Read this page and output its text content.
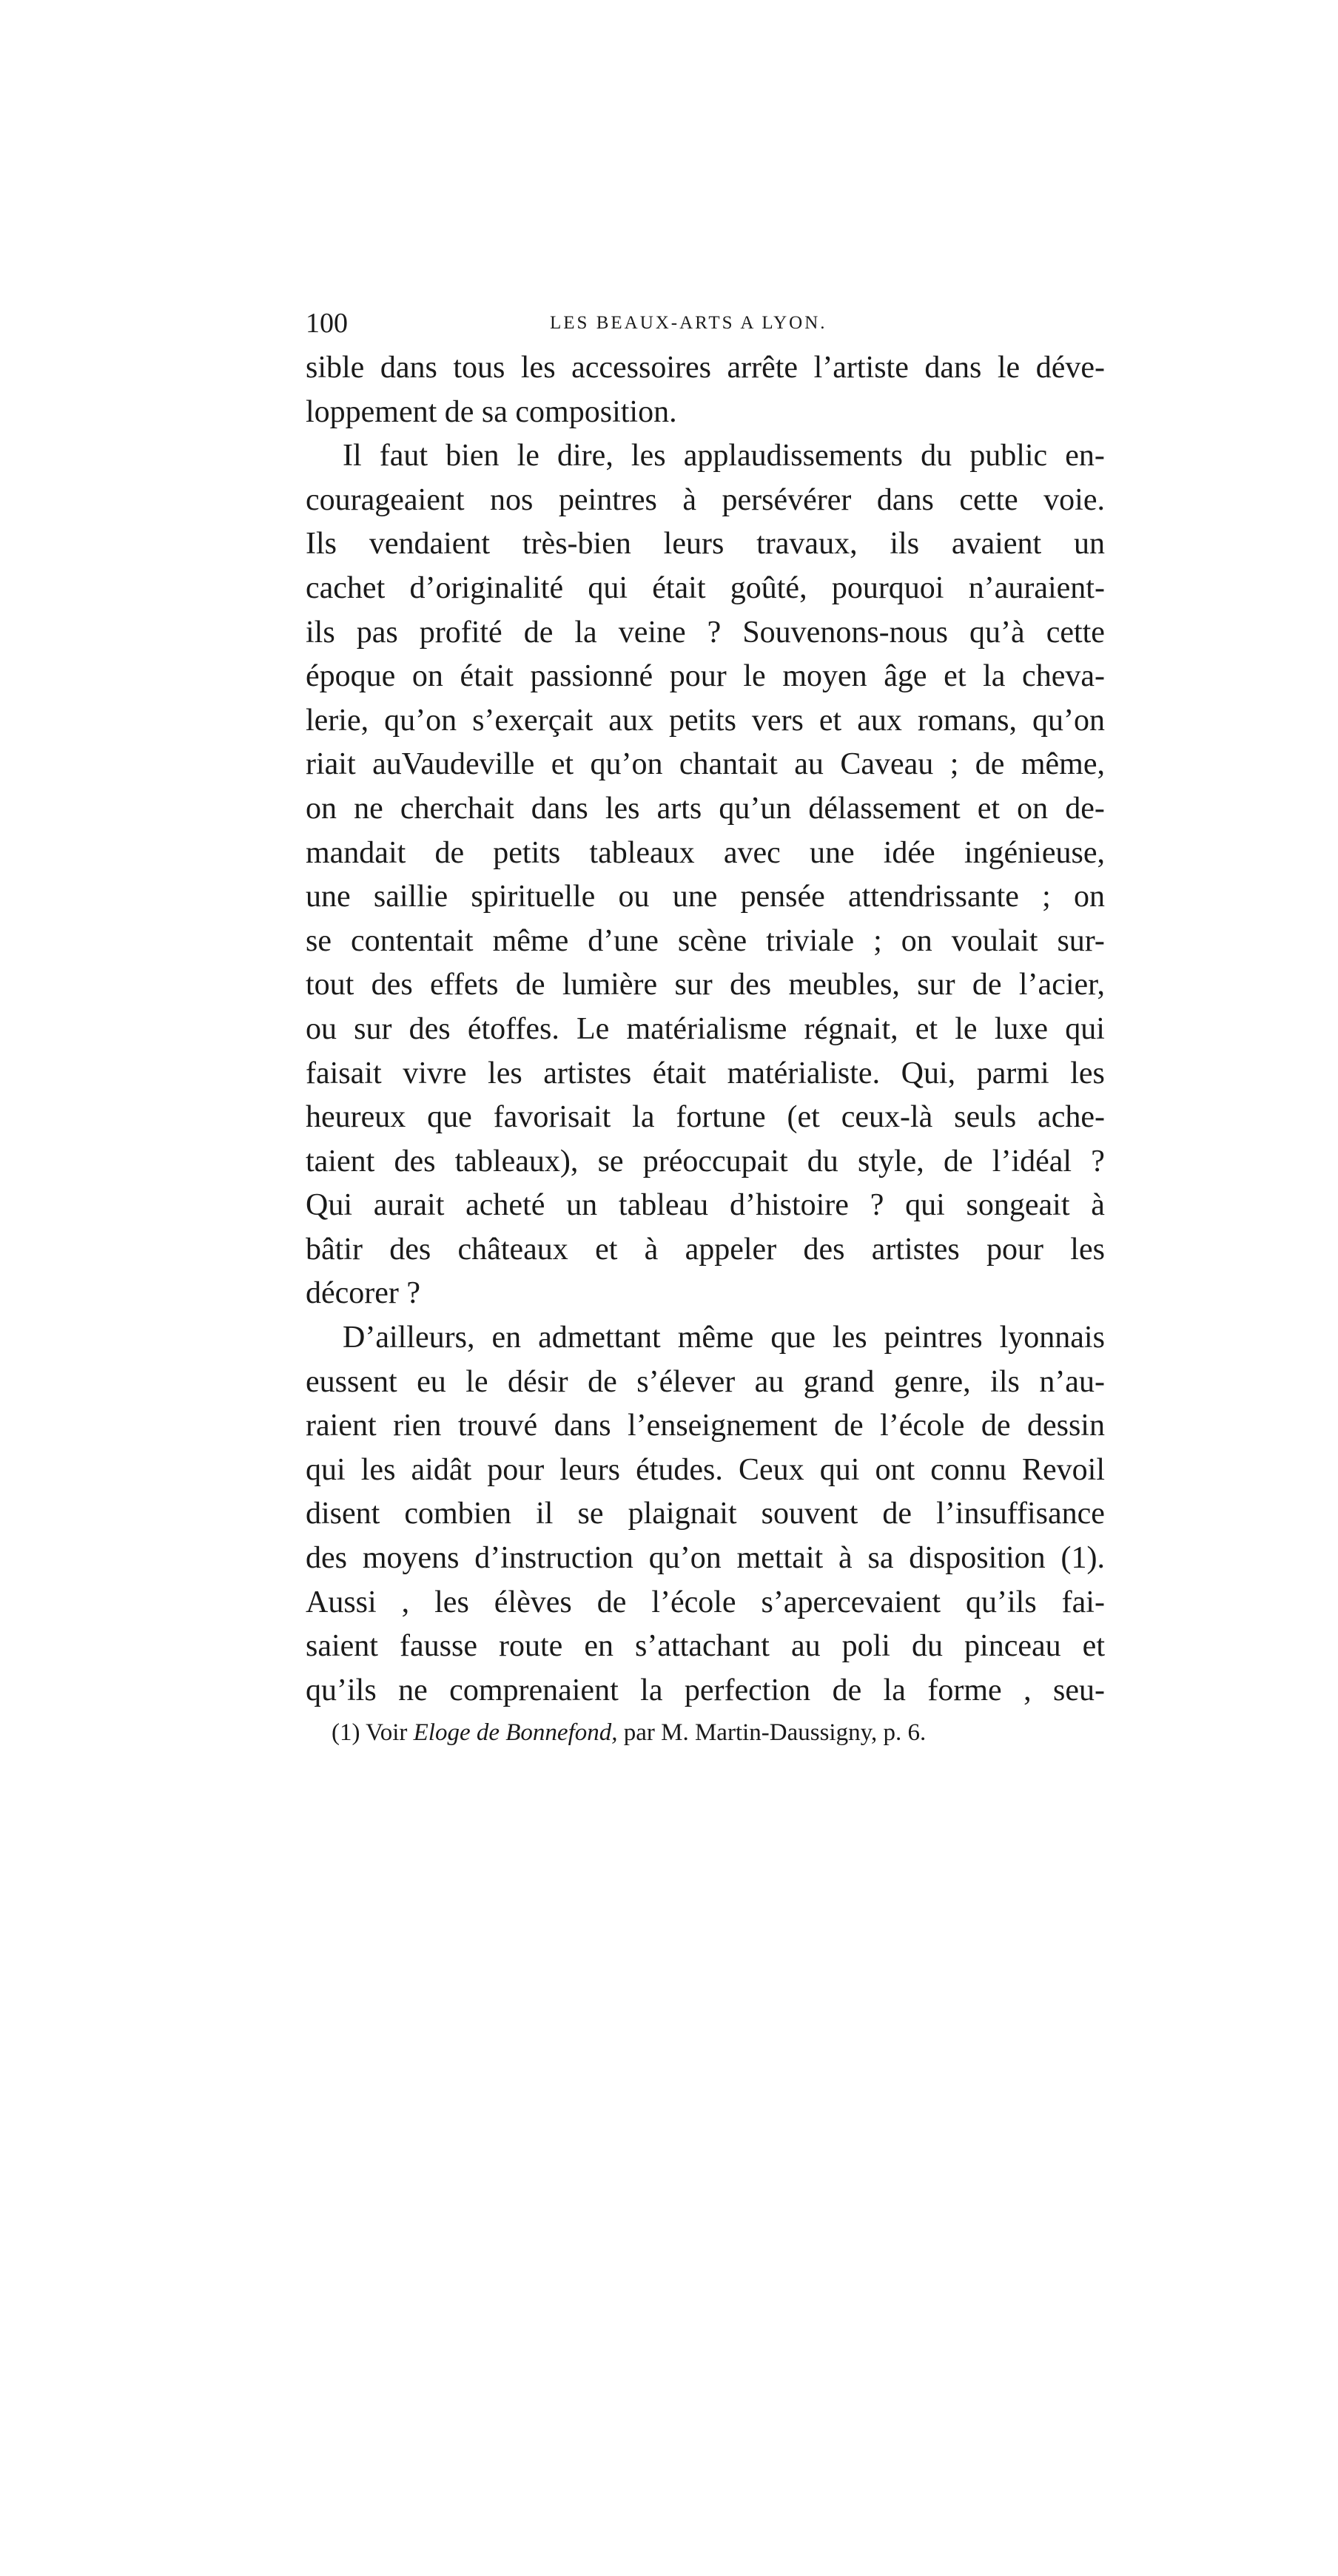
100	LES BEAUX-ARTS A LYON.
sible dans tous les accessoires arrête l’artiste dans le déve-
loppement de sa composition.
Il faut bien le dire, les applaudissements du public en-
courageaient nos peintres à persévérer dans cette voie.
Ils vendaient très-bien leurs travaux, ils avaient un
cachet d’originalité qui était goûté, pourquoi n’auraient-
ils pas profité de la veine ? Souvenons-nous qu’à cette
époque on était passionné pour le moyen âge et la cheva-
lerie, qu’on s’exerçait aux petits vers et aux romans, qu’on
riait auVaudeville et qu’on chantait au Caveau ; de même,
on ne cherchait dans les arts qu’un délassement et on de-
mandait de petits tableaux avec une idée ingénieuse,
une saillie spirituelle ou une pensée attendrissante ; on
se contentait même d’une scène triviale ; on voulait sur-
tout des effets de lumière sur des meubles, sur de l’acier,
ou sur des étoffes. Le matérialisme régnait, et le luxe qui
faisait vivre les artistes était matérialiste. Qui, parmi les
heureux que favorisait la fortune (et ceux-là seuls ache-
taient des tableaux), se préoccupait du style, de l’idéal ?
Qui aurait acheté un tableau d’histoire ? qui songeait à
bâtir des châteaux et à appeler des artistes pour les
décorer ?
D’ailleurs, en admettant même que les peintres lyonnais
eussent eu le désir de s’élever au grand genre, ils n’au-
raient rien trouvé dans l’enseignement de l’école de dessin
qui les aidât pour leurs études. Ceux qui ont connu Revoil
disent combien il se plaignait souvent de l’insuffisance
des moyens d’instruction qu’on mettait à sa disposition (1).
Aussi , les élèves de l’école s’apercevaient qu’ils fai-
saient fausse route en s’attachant au poli du pinceau et
qu’ils ne comprenaient la perfection de la forme , seu-
(1) Voir Eloge de Bonnefond, par M. Martin-Daussigny, p. 6.
